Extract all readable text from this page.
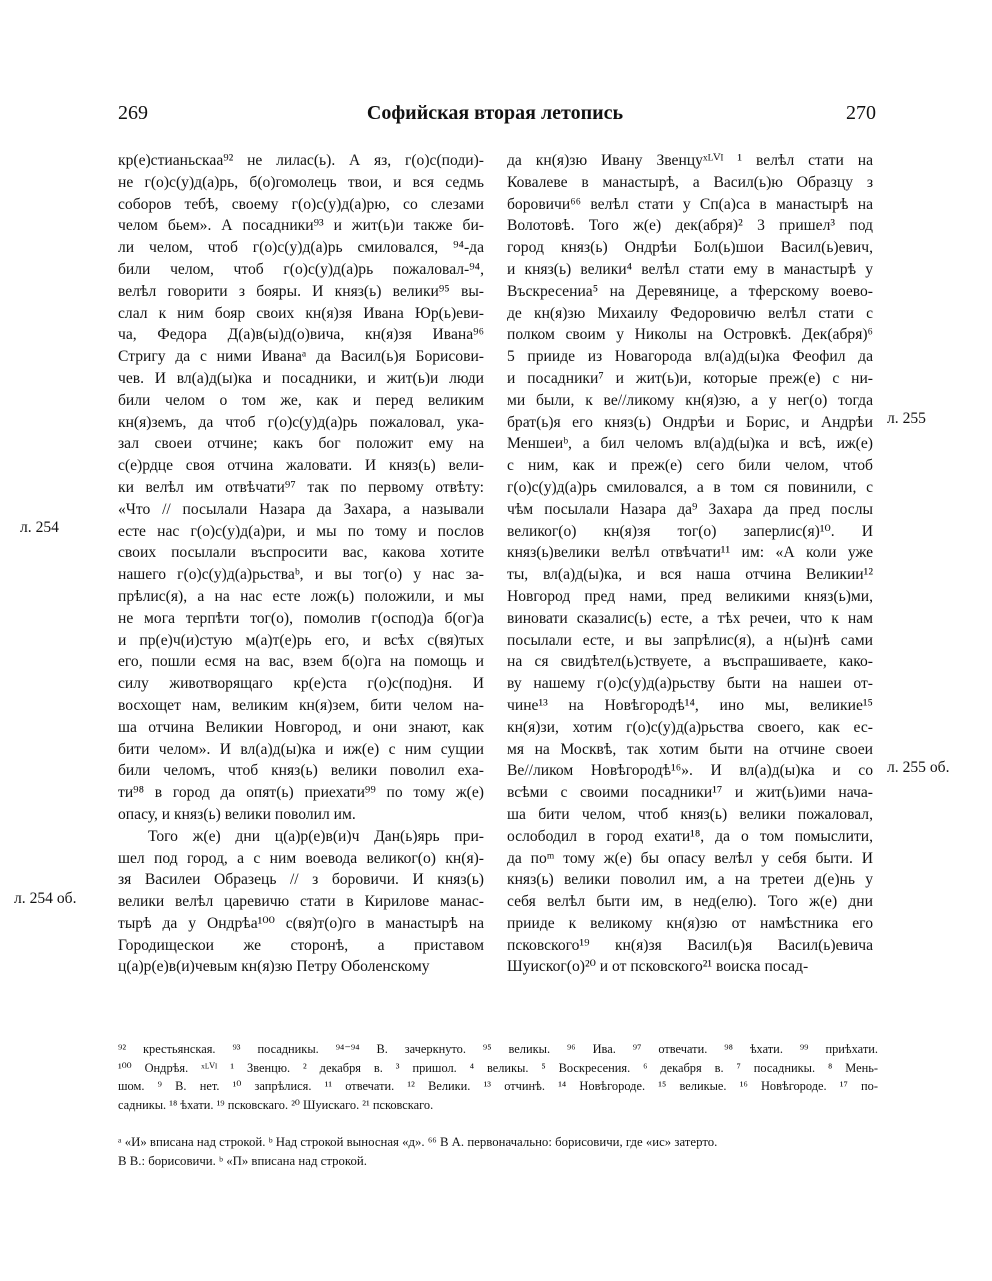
269	Софийская вторая летопись	270
кр(е)стианьскаа⁹² не лилас(ь). А яз, г(о)с(поди)-
не г(о)с(у)д(а)рь, б(о)гомолець твои, и вся седмь
соборов тебѣ, своему г(о)с(у)д(а)рю, со слезами
челом бьем». А посадники⁹³ и жит(ь)и также би-
ли челом, чтоб г(о)с(у)д(а)рь смиловался, ⁹⁴-да
били челом, чтоб г(о)с(у)д(а)рь пожаловал-⁹⁴,
велѣл говорити з бояры. И княз(ь) велики⁹⁵ вы-
слал к ним бояр своих кн(я)зя Ивана Юр(ь)еви-
ча, Федора Д(а)в(ы)д(о)вича, кн(я)зя Ивана⁹⁶
Стригу да с ними Иванаᵃ да Васил(ь)я Борисови-
чев. И вл(а)д(ы)ка и посадники, и жит(ь)и люди
били челом о том же, как и перед великим
кн(я)земъ, да чтоб г(о)с(у)д(а)рь пожаловал, ука-
зал своеи отчине; какъ бог положит ему на
с(е)рдце своя отчина жаловати. И княз(ь) вели-
ки велѣл им отвѣчати⁹⁷ так по первому отвѣту:
«Что // посылали Назара да Захара, а называли
есте нас г(о)с(у)д(а)ри, и мы по тому и послов
своих посылали въспросити вас, какова хотите
нашего г(о)с(у)д(а)рьстваᵇ, и вы тог(о) у нас за-
прѣлис(я), а на нас есте лож(ь) положили, и мы
не мога терпѣти тог(о), помолив г(оспод)а б(ог)а
и пр(е)ч(и)стую м(а)т(е)рь его, и всѣх с(вя)тых
его, пошли есмя на вас, взем б(о)га на помощь и
силу животворящаго кр(е)ста г(о)с(под)ня. И
восхощет нам, великим кн(я)зем, бити челом на-
ша отчина Великии Новгород, и они знают, как
бити челом». И вл(а)д(ы)ка и иж(е) с ним сущии
били челомъ, чтоб княз(ь) велики поволил еха-
ти⁹⁸ в город да опят(ь) приехати⁹⁹ по тому ж(е)
опасу, и княз(ь) велики поволил им.
Того ж(е) дни ц(а)р(е)в(и)ч Дан(ь)ярь при-
шел под город, а с ним воевода великог(о) кн(я)-
зя Василеи Образець // з боровичи. И княз(ь)
велики велѣл царевичю стати в Кирилове манас-
тырѣ да у Ондрѣа¹⁰⁰ с(вя)т(о)го в манастырѣ на
Городищескои же сторонѣ, а приставом
ц(а)р(е)в(и)чевым кн(я)зю Петру Оболенскому
да кн(я)зю Ивану Звенцуˣᴸⱽᴵ ¹ велѣл стати на
Ковалеве в манастырѣ, а Васил(ь)ю Образцу з
боровичи⁶⁶ велѣл стати у Сп(а)са в манастырѣ на
Волотовѣ. Того ж(е) дек(абря)² 3 пришел³ под
город княз(ь) Ондрѣи Бол(ь)шои Васил(ь)евич,
и княз(ь) велики⁴ велѣл стати ему в манастырѣ у
Въскресениа⁵ на Деревянице, а тферскому воево-
де кн(я)зю Михаилу Федоровичю велѣл стати с
полком своим у Николы на Островкѣ. Дек(абря)⁶
5 прииде из Новагорода вл(а)д(ы)ка Феофил да
и посадники⁷ и жит(ь)и, которые преж(е) с ни-
ми были, к ве//ликому кн(я)зю, а у нег(о) тогда
брат(ь)я его княз(ь) Ондрѣи и Борис, и Андрѣи
Меншеиᵇ, а бил челомъ вл(а)д(ы)ка и всѣ, иж(е)
с ним, как и преж(е) сего били челом, чтоб
г(о)с(у)д(а)рь смиловался, а в том ся повинили, с
чѣм посылали Назара да⁹ Захара да пред послы
великог(о) кн(я)зя тог(о) заперлис(я)¹⁰. И
княз(ь)велики велѣл отвѣчати¹¹ им: «А коли уже
ты, вл(а)д(ы)ка, и вся наша отчина Великии¹²
Новгород пред нами, пред великими княз(ь)ми,
виновати сказалис(ь) есте, а тѣх речеи, что к нам
посылали есте, и вы запрѣлис(я), а н(ы)нѣ сами
на ся свидѣтел(ь)ствуете, а въспрашиваете, како-
ву нашему г(о)с(у)д(а)рьству быти на нашеи от-
чине¹³ на Новѣгородѣ¹⁴, ино мы, великие¹⁵
кн(я)зи, хотим г(о)с(у)д(а)рьства своего, как ес-
мя на Москвѣ, так хотим быти на отчине своеи
Ве//ликом Новѣгородѣ¹⁶». И вл(а)д(ы)ка и со
всѣми с своими посадники¹⁷ и жит(ь)ими нача-
ша бити челом, чтоб княз(ь) велики пожаловал,
ослободил в город ехати¹⁸, да о том помыслити,
да поᵐ тому ж(е) бы опасу велѣл у себя быти. И
княз(ь) велики поволил им, а на третеи д(е)нь у
себя велѣл быти им, в нед(елю). Того ж(е) дни
прииде к великому кн(я)зю от намѣстника его
псковского¹⁹ кн(я)зя Васил(ь)я Васил(ь)евича
Шуиског(о)²⁰ и от псковского²¹ воиска посад-
л. 254
л. 254 об.
л. 255
л. 255 об.
⁹² крестьянская. ⁹³ посадникы. ⁹⁴⁻⁹⁴ В. зачеркнуто. ⁹⁵ великы. ⁹⁶ Ива. ⁹⁷ отвечати. ⁹⁸ ѣхати. ⁹⁹ приѣхати.
¹⁰⁰ Ондрѣя. ˣᴸⱽᴵ ¹ Звенцю. ² декабря в. ³ пришол. ⁴ великы. ⁵ Воскресения. ⁶ декабря в. ⁷ посадникы. ⁸ Мень-
шом. ⁹ В. нет. ¹⁰ запрѣлися. ¹¹ отвечати. ¹² Велики. ¹³ отчинѣ. ¹⁴ Новѣгороде. ¹⁵ великые. ¹⁶ Новѣгороде. ¹⁷ по-
садникы. ¹⁸ ѣхати. ¹⁹ псковскаго. ²⁰ Шуискаго. ²¹ псковскаго.
ᵃ «И» вписана над строкой. ᵇ Над строкой выносная «д». ⁶⁶ В А. первоначально: борисовичи, где «ис» затерто.
В В.: борисовичи. ᵇ «П» вписана над строкой.
